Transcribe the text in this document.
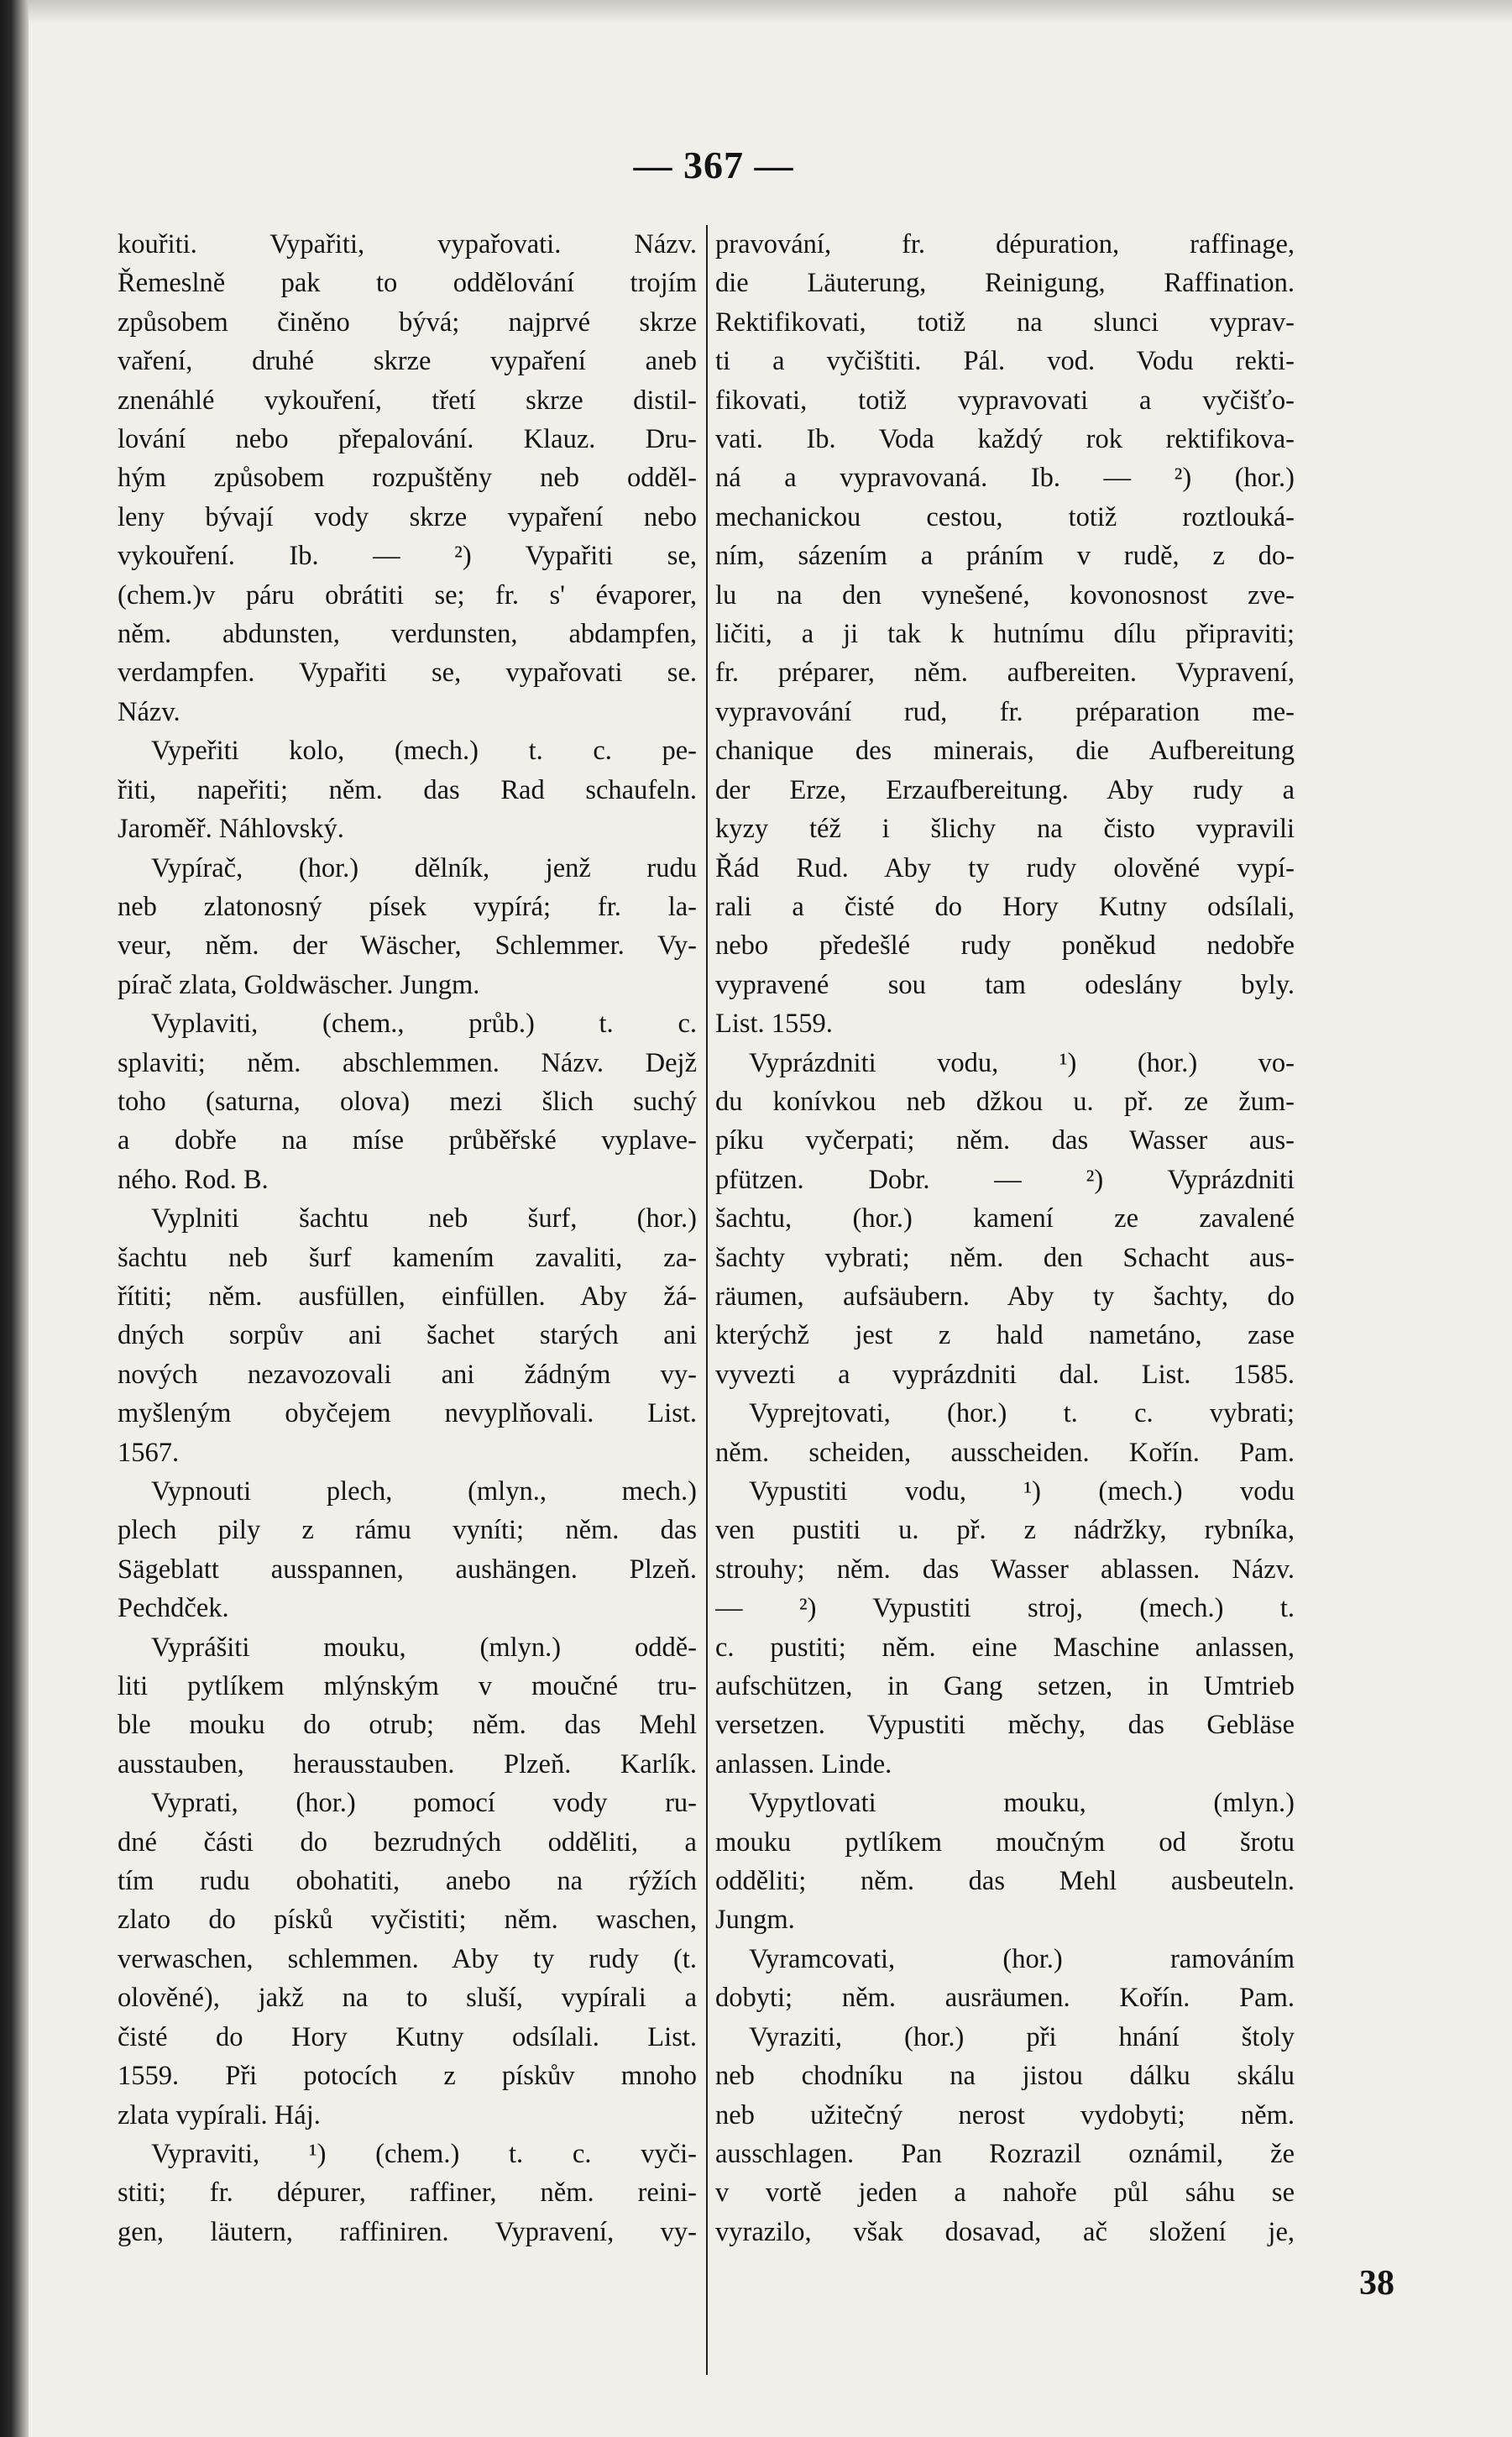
— 367 —
kouřiti. Vypařiti, vypařovati. Názv.
Řemeslně pak to oddělování trojím
způsobem činěno bývá; najprvé skrze
vaření, druhé skrze vypaření aneb
znenáhlé vykouření, třetí skrze distil-
lování nebo přepalování. Klauz. Dru-
hým způsobem rozpuštěny neb odděl-
leny bývají vody skrze vypaření nebo
vykouření. Ib. — ²) Vypařiti se,
(chem.)v páru obrátiti se; fr. s' évaporer,
něm. abdunsten, verdunsten, abdampfen,
verdampfen. Vypařiti se, vypařovati se.
Názv.
Vypeřiti kolo, (mech.) t. c. pe-
řiti, napeřiti; něm. das Rad schaufeln.
Jaroměř. Náhlovský.
Vypírač, (hor.) dělník, jenž rudu
neb zlatonosný písek vypírá; fr. la-
veur, něm. der Wäscher, Schlemmer. Vy-
pírač zlata, Goldwäscher. Jungm.
Vyplaviti, (chem., průb.) t. c.
splaviti; něm. abschlemmen. Názv. Dejž
toho (saturna, olova) mezi šlich suchý
a dobře na míse průběřské vyplave-
ného. Rod. B.
Vyplniti šachtu neb šurf, (hor.)
šachtu neb šurf kamením zavaliti, za-
řítiti; něm. ausfüllen, einfüllen. Aby žá-
dných sorpův ani šachet starých ani
nových nezavozovali ani žádným vy-
myšleným obyčejem nevyplňovali. List.
1567.
Vypnouti plech, (mlyn., mech.)
plech pily z rámu vyníti; něm. das
Sägeblatt ausspannen, aushängen. Plzeň.
Pechdček.
Vyprášiti mouku, (mlyn.) oddě-
liti pytlíkem mlýnským v moučné tru-
ble mouku do otrub; něm. das Mehl
ausstauben, herausstauben. Plzeň. Karlík.
Vyprati, (hor.) pomocí vody ru-
dné části do bezrudných odděliti, a
tím rudu obohatiti, anebo na rýžích
zlato do písků vyčistiti; něm. waschen,
verwaschen, schlemmen. Aby ty rudy (t.
olověné), jakž na to sluší, vypírali a
čisté do Hory Kutny odsílali. List.
1559. Při potocích z pískův mnoho
zlata vypírali. Háj.
Vypraviti, ¹) (chem.) t. c. vyči-
stiti; fr. dépurer, raffiner, něm. reini-
gen, läutern, raffiniren. Vypravení, vy-
pravování, fr. dépuration, raffinage,
die Läuterung, Reinigung, Raffination.
Rektifikovati, totiž na slunci vyprav-
ti a vyčištiti. Pál. vod. Vodu rekti-
fikovati, totiž vypravovati a vyčišťo-
vati. Ib. Voda každý rok rektifikova-
ná a vypravovaná. Ib. — ²) (hor.)
mechanickou cestou, totiž roztlouká-
ním, sázením a práním v rudě, z do-
lu na den vynešené, kovonosnost zve-
ličiti, a ji tak k hutnímu dílu připraviti;
fr. préparer, něm. aufbereiten. Vypravení,
vypravování rud, fr. préparation me-
chanique des minerais, die Aufbereitung
der Erze, Erzaufbereitung. Aby rudy a
kyzy též i šlichy na čisto vypravili
Řád Rud. Aby ty rudy olověné vypí-
rali a čisté do Hory Kutny odsílali,
nebo předešlé rudy poněkud nedobře
vypravené sou tam odeslány byly.
List. 1559.
Vyprázdniti vodu, ¹) (hor.) vo-
du konívkou neb džkou u. př. ze žum-
píku vyčerpati; něm. das Wasser aus-
pfützen. Dobr. — ²) Vyprázdniti
šachtu, (hor.) kamení ze zavalené
šachty vybrati; něm. den Schacht aus-
räumen, aufsäubern. Aby ty šachty, do
kterýchž jest z hald nametáno, zase
vyvezti a vyprázdniti dal. List. 1585.
Vyprejtovati, (hor.) t. c. vybrati;
něm. scheiden, ausscheiden. Kořín. Pam.
Vypustiti vodu, ¹) (mech.) vodu
ven pustiti u. př. z nádržky, rybníka,
strouhy; něm. das Wasser ablassen. Názv.
— ²) Vypustiti stroj, (mech.) t.
c. pustiti; něm. eine Maschine anlassen,
aufschützen, in Gang setzen, in Umtrieb
versetzen. Vypustiti měchy, das Gebläse
anlassen. Linde.
Vypytlovati mouku, (mlyn.)
mouku pytlíkem moučným od šrotu
odděliti; něm. das Mehl ausbeuteln.
Jungm.
Vyramcovati, (hor.) ramováním
dobyti; něm. ausräumen. Kořín. Pam.
Vyraziti, (hor.) při hnání štoly
neb chodníku na jistou dálku skálu
neb užitečný nerost vydobyti; něm.
ausschlagen. Pan Rozrazil oznámil, že
v vortě jeden a nahoře půl sáhu se
vyrazilo, však dosavad, ač složení je,
38
